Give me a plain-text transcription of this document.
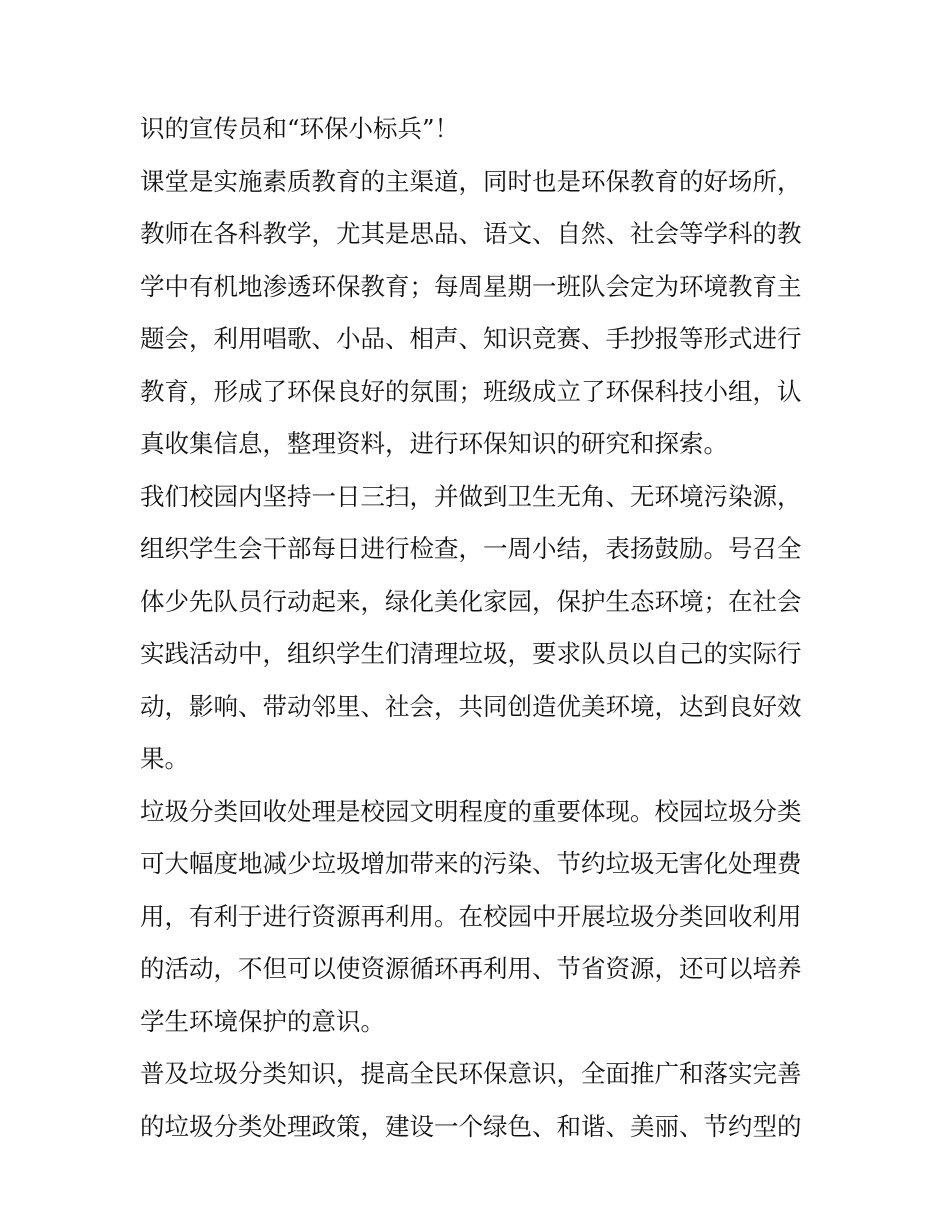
识的宣传员和“环保小标兵”！
课堂是实施素质教育的主渠道，同时也是环保教育的好场所，
教师在各科教学，尤其是思品、语文、自然、社会等学科的教
学中有机地渗透环保教育；每周星期一班队会定为环境教育主
题会，利用唱歌、小品、相声、知识竞赛、手抄报等形式进行
教育，形成了环保良好的氛围；班级成立了环保科技小组，认
真收集信息，整理资料，进行环保知识的研究和探索。
我们校园内坚持一日三扫，并做到卫生无角、无环境污染源，
组织学生会干部每日进行检查，一周小结，表扬鼓励。号召全
体少先队员行动起来，绿化美化家园，保护生态环境；在社会
实践活动中，组织学生们清理垃圾，要求队员以自己的实际行
动，影响、带动邻里、社会，共同创造优美环境，达到良好效
果。
垃圾分类回收处理是校园文明程度的重要体现。校园垃圾分类
可大幅度地减少垃圾增加带来的污染、节约垃圾无害化处理费
用，有利于进行资源再利用。在校园中开展垃圾分类回收利用
的活动，不但可以使资源循环再利用、节省资源，还可以培养
学生环境保护的意识。
普及垃圾分类知识，提高全民环保意识，全面推广和落实完善
的垃圾分类处理政策，建设一个绿色、和谐、美丽、节约型的
